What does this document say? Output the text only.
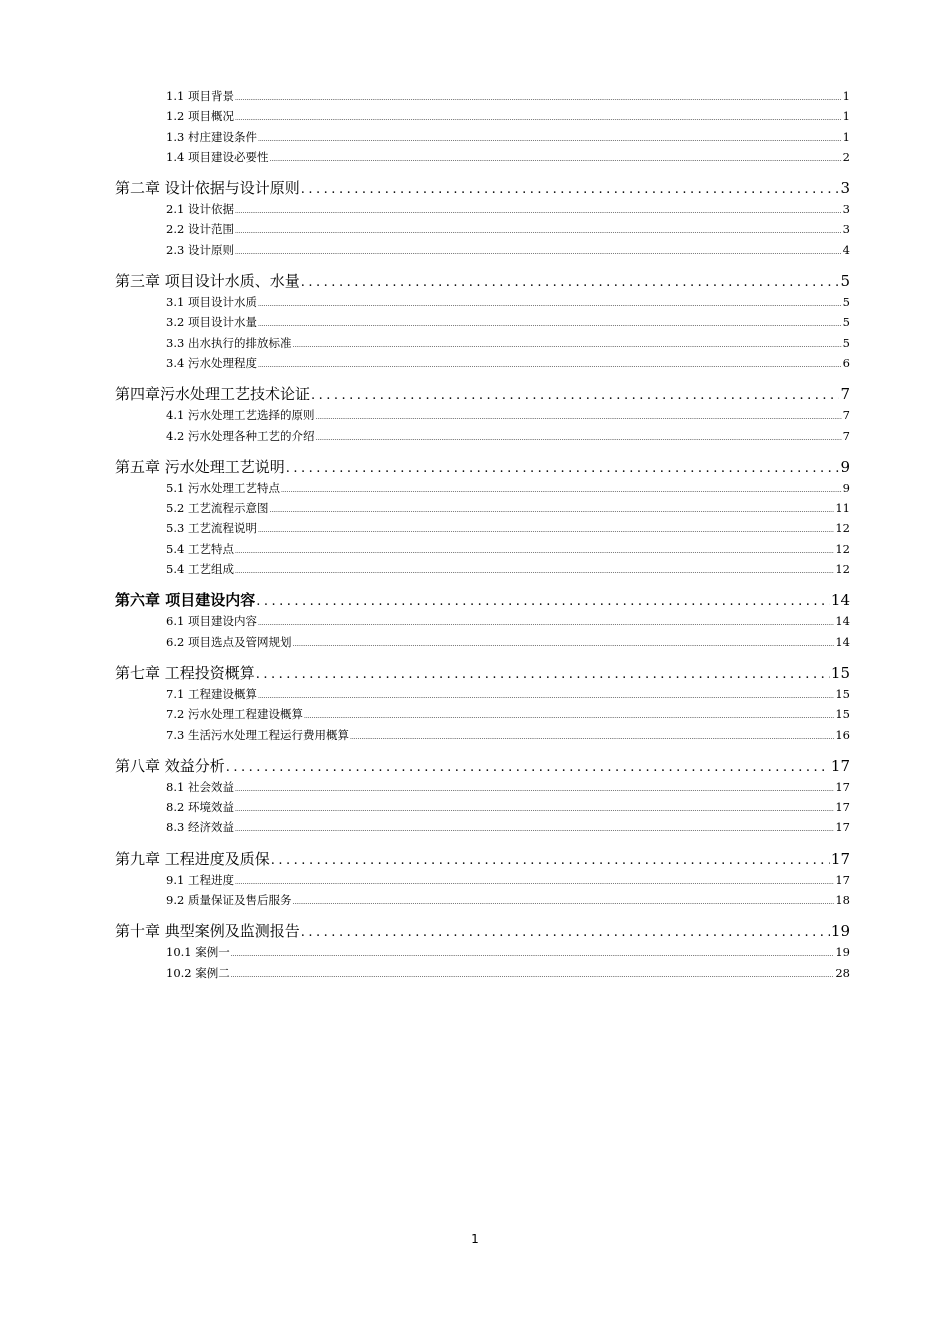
1.1 项目背景 .....	1
1.2 项目概况 .....	1
1.3 村庄建设条件 .....	1
1.4 项目建设必要性 .....	2
第二章 设计依据与设计原则 .....	3
2.1 设计依据 .....	3
2.2 设计范围 .....	3
2.3 设计原则 .....	4
第三章 项目设计水质、水量 .....	5
3.1 项目设计水质 .....	5
3.2 项目设计水量 .....	5
3.3 出水执行的排放标准 .....	5
3.4 污水处理程度 .....	6
第四章污水处理工艺技术论证 .....	7
4.1 污水处理工艺选择的原则 .....	7
4.2 污水处理各种工艺的介绍 .....	7
第五章 污水处理工艺说明 .....	9
5.1 污水处理工艺特点 .....	9
5.2 工艺流程示意图 .....	11
5.3 工艺流程说明 .....	12
5.4 工艺特点 .....	12
5.4 工艺组成 .....	12
第六章 项目建设内容 .....	14
6.1 项目建设内容 .....	14
6.2 项目选点及管网规划 .....	14
第七章 工程投资概算 .....	15
7.1 工程建设概算 .....	15
7.2 污水处理工程建设概算 .....	15
7.3 生活污水处理工程运行费用概算 .....	16
第八章 效益分析 .....	17
8.1 社会效益 .....	17
8.2 环境效益 .....	17
8.3 经济效益 .....	17
第九章 工程进度及质保 .....	17
9.1 工程进度 .....	17
9.2 质量保证及售后服务 .....	18
第十章 典型案例及监测报告 .....	19
10.1 案例一 .....	19
10.2 案例二 .....	28
1
